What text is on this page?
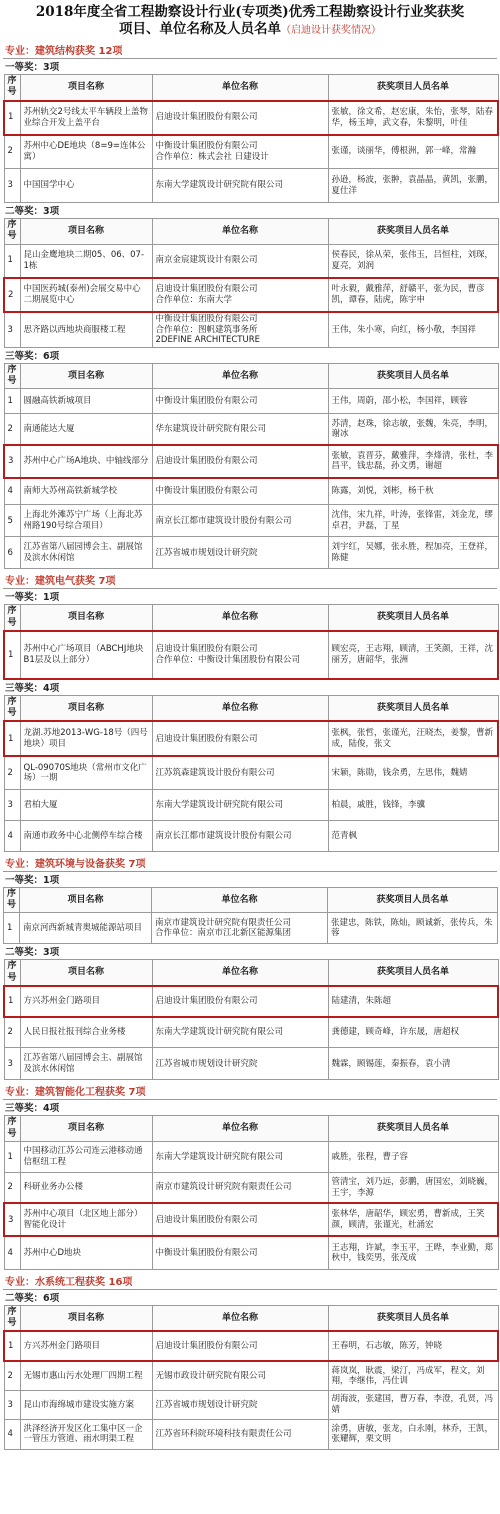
2018年度全省工程勘察设计行业(专项类)优秀工程勘察设计行业奖获奖
项目、单位名称及人员名单（启迪设计获奖情况）
专业：建筑结构获奖 12项
一等奖：3项
序号	项目名称	单位名称	获奖项目人员名单
1	苏州轨交2号线太平车辆段上盖物业综合开发上盖平台	启迪设计集团股份有限公司	张敏，徐文希，赵宏康，朱怡，张琴，陆春华，杨玉坤，武文春，朱黎明，叶佳
2	苏州中心DE地块（8=9=连体公寓）	中衡设计集团股份有限公司
合作单位：株式会社 日建设计	张谨，谈丽华，傅根洲，郭一峰，常瀚
3	中国国学中心	东南大学建筑设计研究院有限公司	孙逊，杨波，张翀，袁晶晶，黄凯，张鹏，夏仕洋
二等奖：3项
序号	项目名称	单位名称	获奖项目人员名单
1	昆山金鹰地块二期05、06、07-1栋	南京金宸建筑设计有限公司	侯春民，徐从荣，张伟玉，吕恒柱，刘琛，夏亮，刘润
2	中国医药城(泰州)会展交易中心二期展览中心	启迪设计集团股份有限公司
合作单位：东南大学	叶永毅，戴雅萍，舒赣平，张为民，曹彦凯，谭春，陆虎，陈宇申
3	思齐路以西地块商服楼工程	中衡设计集团股份有限公司
合作单位：图帆建筑事务所
2DEFINE ARCHITECTURE	王伟，朱小寒，向红，杨小敬，李国祥
三等奖：6项
序号	项目名称	单位名称	获奖项目人员名单
1	圆融高铁新城项目	中衡设计集团股份有限公司	王伟，周蔚，邵小松，李国祥，顾蓉
2	南通能达大厦	华东建筑设计研究院有限公司	苏清，赵珠，徐志敏，张魏，朱亮，李明，谢冰
3	苏州中心广场A地块、中轴线部分	启迪设计集团股份有限公司	张敏，袁晋芬，戴雅萍，李烽清，张杜，李昌平，钱忠磊，孙文勇，谢超
4	南师大苏州高铁新城学校	中衡设计集团股份有限公司	陈露，刘悦，刘彬，杨千秋
5	上海北外滩苏宁广场（上海北苏州路190号综合项目）	南京长江都市建筑设计股份有限公司	沈伟，宋九祥，叶涛，张锋雷，刘金龙，缪卓君，尹磊，丁星
6	江苏省第八届园博会主、副展馆及滨水休闲馆	江苏省城市规划设计研究院	刘宇红，吴娜，张永胜，程加亮，王登祥，陈健
专业：建筑电气获奖 7项
一等奖：1项
序号	项目名称	单位名称	获奖项目人员名单
1	苏州中心广场项目（ABCHJ地块B1层及以上部分）	启迪设计集团股份有限公司
合作单位：中衡设计集团股份有限公司	顾宏亮，王志翔，顾清，王笑颜，王祥，沈丽芳，唐韶华，张洲
三等奖：4项
序号	项目名称	单位名称	获奖项目人员名单
1	龙湖.苏地2013-WG-18号（四号地块）项目	启迪设计集团股份有限公司	张枫，张哲，张谨光，汪晓杰，姜黎，曹新成，陆俊，张文
2	QL-09070S地块（常州市文化广场）一期	江苏筑森建筑设计股份有限公司	宋颖，陈勋，钱余勇，左思伟，魏婧
3	君柏大厦	东南大学建筑设计研究院有限公司	柏晨，戚胜，钱锋，李骥
4	南通市政务中心北侧停车综合楼	南京长江都市建筑设计股份有限公司	范青枫
专业：建筑环境与设备获奖 7项
一等奖：1项
序号	项目名称	单位名称	获奖项目人员名单
1	南京河西新城青奥城能源站项目	南京市建筑设计研究院有限责任公司
合作单位：南京市江北新区能源集团	张建忠，陈铁，陈灿，顾诚新，张传兵，朱蓉
二等奖：3项
序号	项目名称	单位名称	获奖项目人员名单
1	方兴苏州金门路项目	启迪设计集团股份有限公司	陆建清，朱陈超
2	人民日报社报刊综合业务楼	东南大学建筑设计研究院有限公司	龚德建，顾奇峰，许东晟，唐超权
3	江苏省第八届园博会主、副展馆及滨水休闲馆	江苏省城市规划设计研究院	魏霖，顾锡莲，秦振春，袁小清
专业：建筑智能化工程获奖 7项
三等奖：4项
序号	项目名称	单位名称	获奖项目人员名单
1	中国移动江苏公司连云港移动通信枢纽工程	东南大学建筑设计研究院有限公司	戚胜，张程，曹子容
2	科研业务办公楼	南京市建筑设计研究院有限责任公司	管清宝，刘乃远，彭鹏，唐国宏，刘晓巍，王宇，李源
3	苏州中心项目（北区地上部分）智能化设计	启迪设计集团股份有限公司	张林华，唐韶华，顾宏勇，曹新成，王笑颜，顾清，张谨光，杜涌宏
4	苏州中心D地块	中衡设计集团股份有限公司	王志翔，许斌，李玉平，王晔，李业勤，郑秋中，钱奕男，张茂成
专业：水系统工程获奖 16项
二等奖：6项
序号	项目名称	单位名称	获奖项目人员名单
1	方兴苏州金门路项目	启迪设计集团股份有限公司	王春明，石志敏，陈芳，钟晓
2	无锡市惠山污水处理厂四期工程	无锡市政设计研究院有限公司	蒋岚岚，耿震，梁汀，冯成军，程文，刘翔，李继伟，冯仕训
3	昆山市海绵城市建设实施方案	江苏省城市规划设计研究院	胡海波，张建国，曹万春，李澄，孔贤，冯婧
4	洪泽经济开发区化工集中区一企一管压力管道、雨水明渠工程	江苏省环科院环境科技有限责任公司	涂勇，唐敏，张龙，白永刚，林乔，王凯，张耀辉，栗文明
